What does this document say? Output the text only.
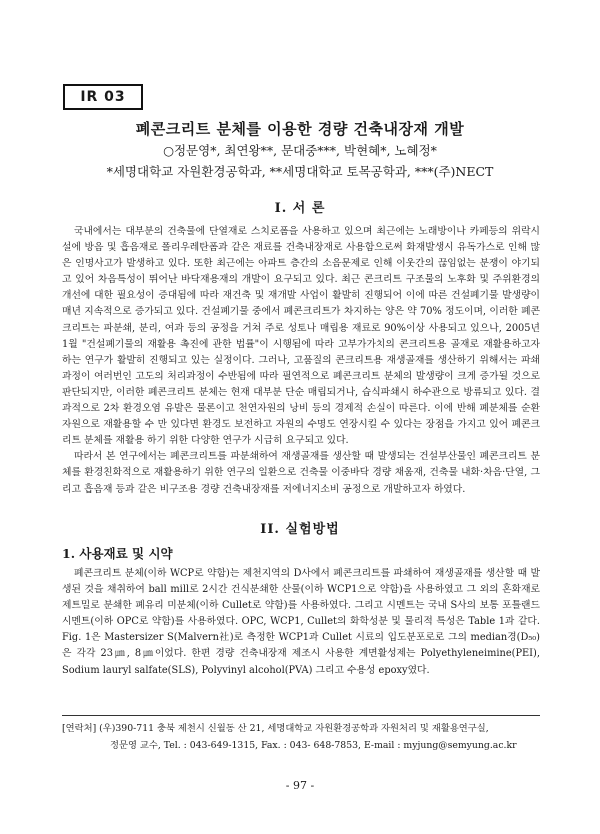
IR 03
폐콘크리트 분체를 이용한 경량 건축내장재 개발
○정문영*, 최연왕**, 문대중***, 박현혜*, 노혜정*
*세명대학교 자원환경공학과, **세명대학교 토목공학과, ***(주)NECT
I. 서 론

국내에서는 대부분의 건축물에 단열재로 스치로폼을 사용하고 있으며 최근에는 노래방이나 카페등의 위락시설에 방음 및 흡음재로 폴리우레탄폼과 같은 재료를 건축내장재로 사용함으로써 화재발생시 유독가스로 인해 많은 인명사고가 발생하고 있다. 또한 최근에는 아파트 층간의 소음문제로 인해 이웃간의 끊임없는 분쟁이 야기되고 있어 차음특성이 뛰어난 바닥재용재의 개발이 요구되고 있다. 최근 콘크리트 구조물의 노후화 및 주위환경의 개선에 대한 필요성이 증대됨에 따라 재건축 및 재개발 사업이 활발히 진행되어 이에 따른 건설폐기물 발생량이 매년 지속적으로 증가되고 있다. 건설폐기물 중에서 폐콘크리트가 차지하는 양은 약 70% 정도이며, 이러한 폐콘크리트는 파분쇄, 분리, 여과 등의 공정을 거쳐 주로 성토나 매립용 재료로 90%이상 사용되고 있으나, 2005년 1월 "건설폐기물의 재활용 촉진에 관한 법률"이 시행됨에 따라 고부가가치의 콘크리트용 골재로 재활용하고자 하는 연구가 활발히 진행되고 있는 실정이다. 그러나, 고품질의 콘크리트용 재생골재를 생산하기 위해서는 파쇄과정이 여러번인 고도의 처리과정이 수반됨에 따라 필연적으로 폐콘크리트 분체의 발생량이 크게 증가될 것으로 판단되지만, 이러한 폐콘크리트 분체는 현재 대부분 단순 매립되거나, 습식파쇄시 하수관으로 방류되고 있다. 결과적으로 2차 환경오염 유발은 물론이고 천연자원의 낭비 등의 경제적 손실이 따른다. 이에 반해 폐분체를 순환자원으로 재활용할 수 만 있다면 환경도 보전하고 자원의 수명도 연장시킬 수 있다는 장점을 가지고 있어 폐콘크리트 분체를 재활용 하기 위한 다양한 연구가 시급히 요구되고 있다.

따라서 본 연구에서는 폐콘크리트를 파분쇄하여 재생골재를 생산할 때 발생되는 건설부산물인 폐콘크리트 분체를 환경친화적으로 재활용하기 위한 연구의 일환으로 건축물 이중바닥 경량 채움재, 건축물 내화·차음·단열, 그리고 흡음재 등과 같은 비구조용 경량 건축내장재를 저에너지소비 공정으로 개발하고자 하였다.

II. 실험방법
1. 사용재료 및 시약

폐콘크리트 분체(이하 WCP로 약함)는 제천지역의 D사에서 폐콘크리트를 파쇄하여 재생골재를 생산할 때 발생된 것을 채취하여 ball mill로 2시간 건식분쇄한 산물(이하 WCP1으로 약함)을 사용하였고 그 외의 혼화재로 제트밀로 분쇄한 폐유리 미분체(이하 Cullet로 약함)를 사용하였다. 그리고 시멘트는 국내 S사의 보통 포틀랜드 시멘트(이하 OPC로 약함)를 사용하였다. OPC, WCP1, Cullet의 화학성분 및 물리적 특성은 Table 1과 같다. Fig. 1은 Mastersizer S(Malvern社)로 측정한 WCP1과 Cullet 시료의 입도분포로로 그의 median경(D₅₀)은 각각 23㎛, 8㎛이었다. 한편 경량 건축내장재 제조시 사용한 계면활성제는 Polyethyleneimine(PEI), Sodium lauryl salfate(SLS), Polyvinyl alcohol(PVA) 그리고 수용성 epoxy였다.

[연락처] (우)390-711 충북 제천시 신월동 산 21, 세명대학교 자원환경공학과 자원처리 및 재활용연구실,
정문영 교수, Tel. : 043-649-1315, Fax. : 043- 648-7853, E-mail : myjung@semyung.ac.kr
- 97 -
